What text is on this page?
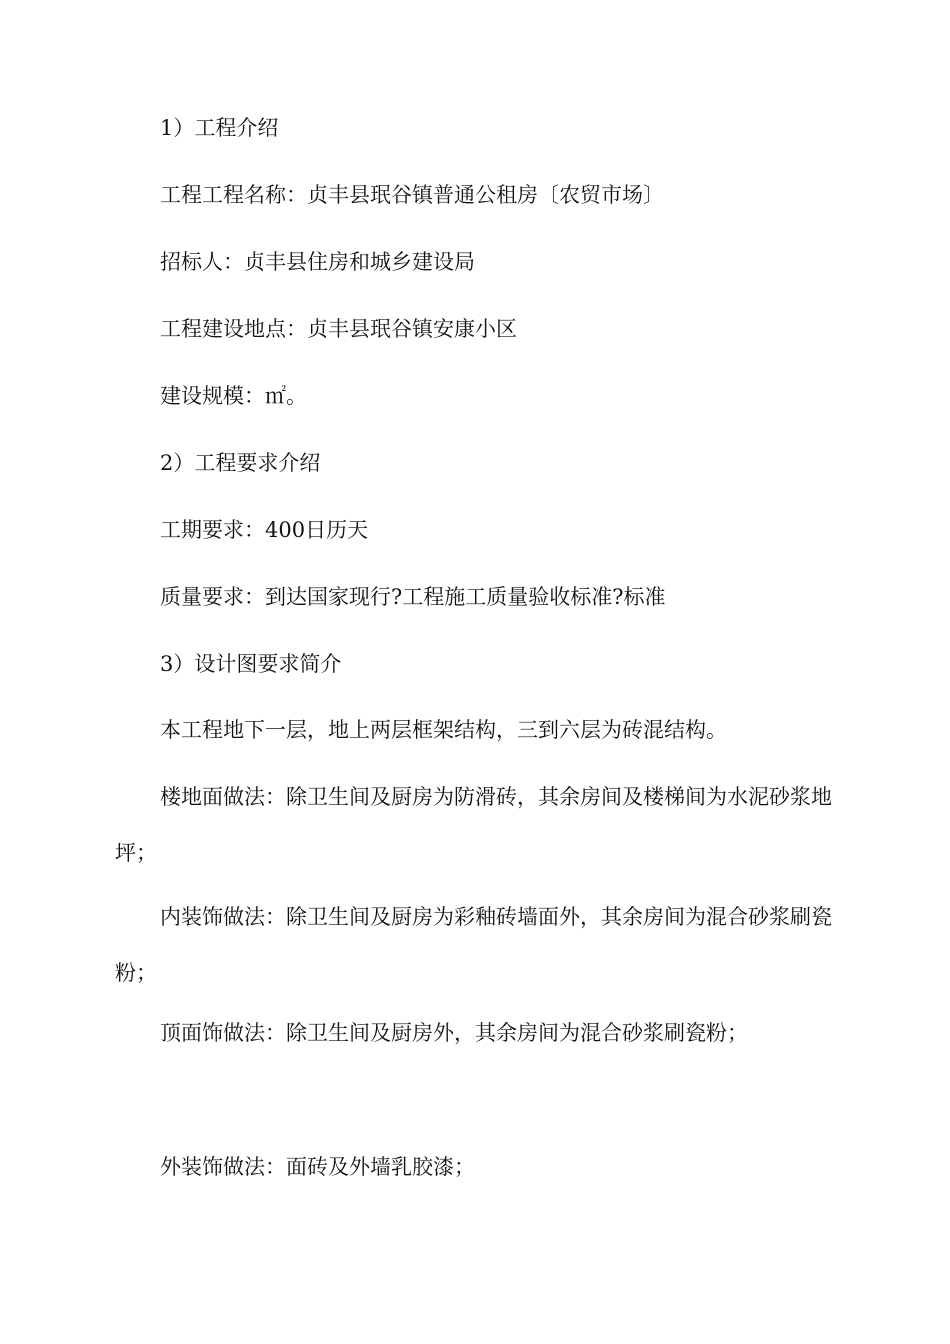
1）工程介绍

工程工程名称：贞丰县珉谷镇普通公租房〔农贸市场〕

招标人：贞丰县住房和城乡建设局

工程建设地点：贞丰县珉谷镇安康小区

建设规模：㎡。

2）工程要求介绍

工期要求：400日历天

质量要求：到达国家现行?工程施工质量验收标准?标准

3）设计图要求简介

本工程地下一层，地上两层框架结构，三到六层为砖混结构。

楼地面做法：除卫生间及厨房为防滑砖，其余房间及楼梯间为水泥砂浆地坪；

内装饰做法：除卫生间及厨房为彩釉砖墙面外，其余房间为混合砂浆刷瓷粉；

顶面饰做法：除卫生间及厨房外，其余房间为混合砂浆刷瓷粉；

外装饰做法：面砖及外墙乳胶漆；
